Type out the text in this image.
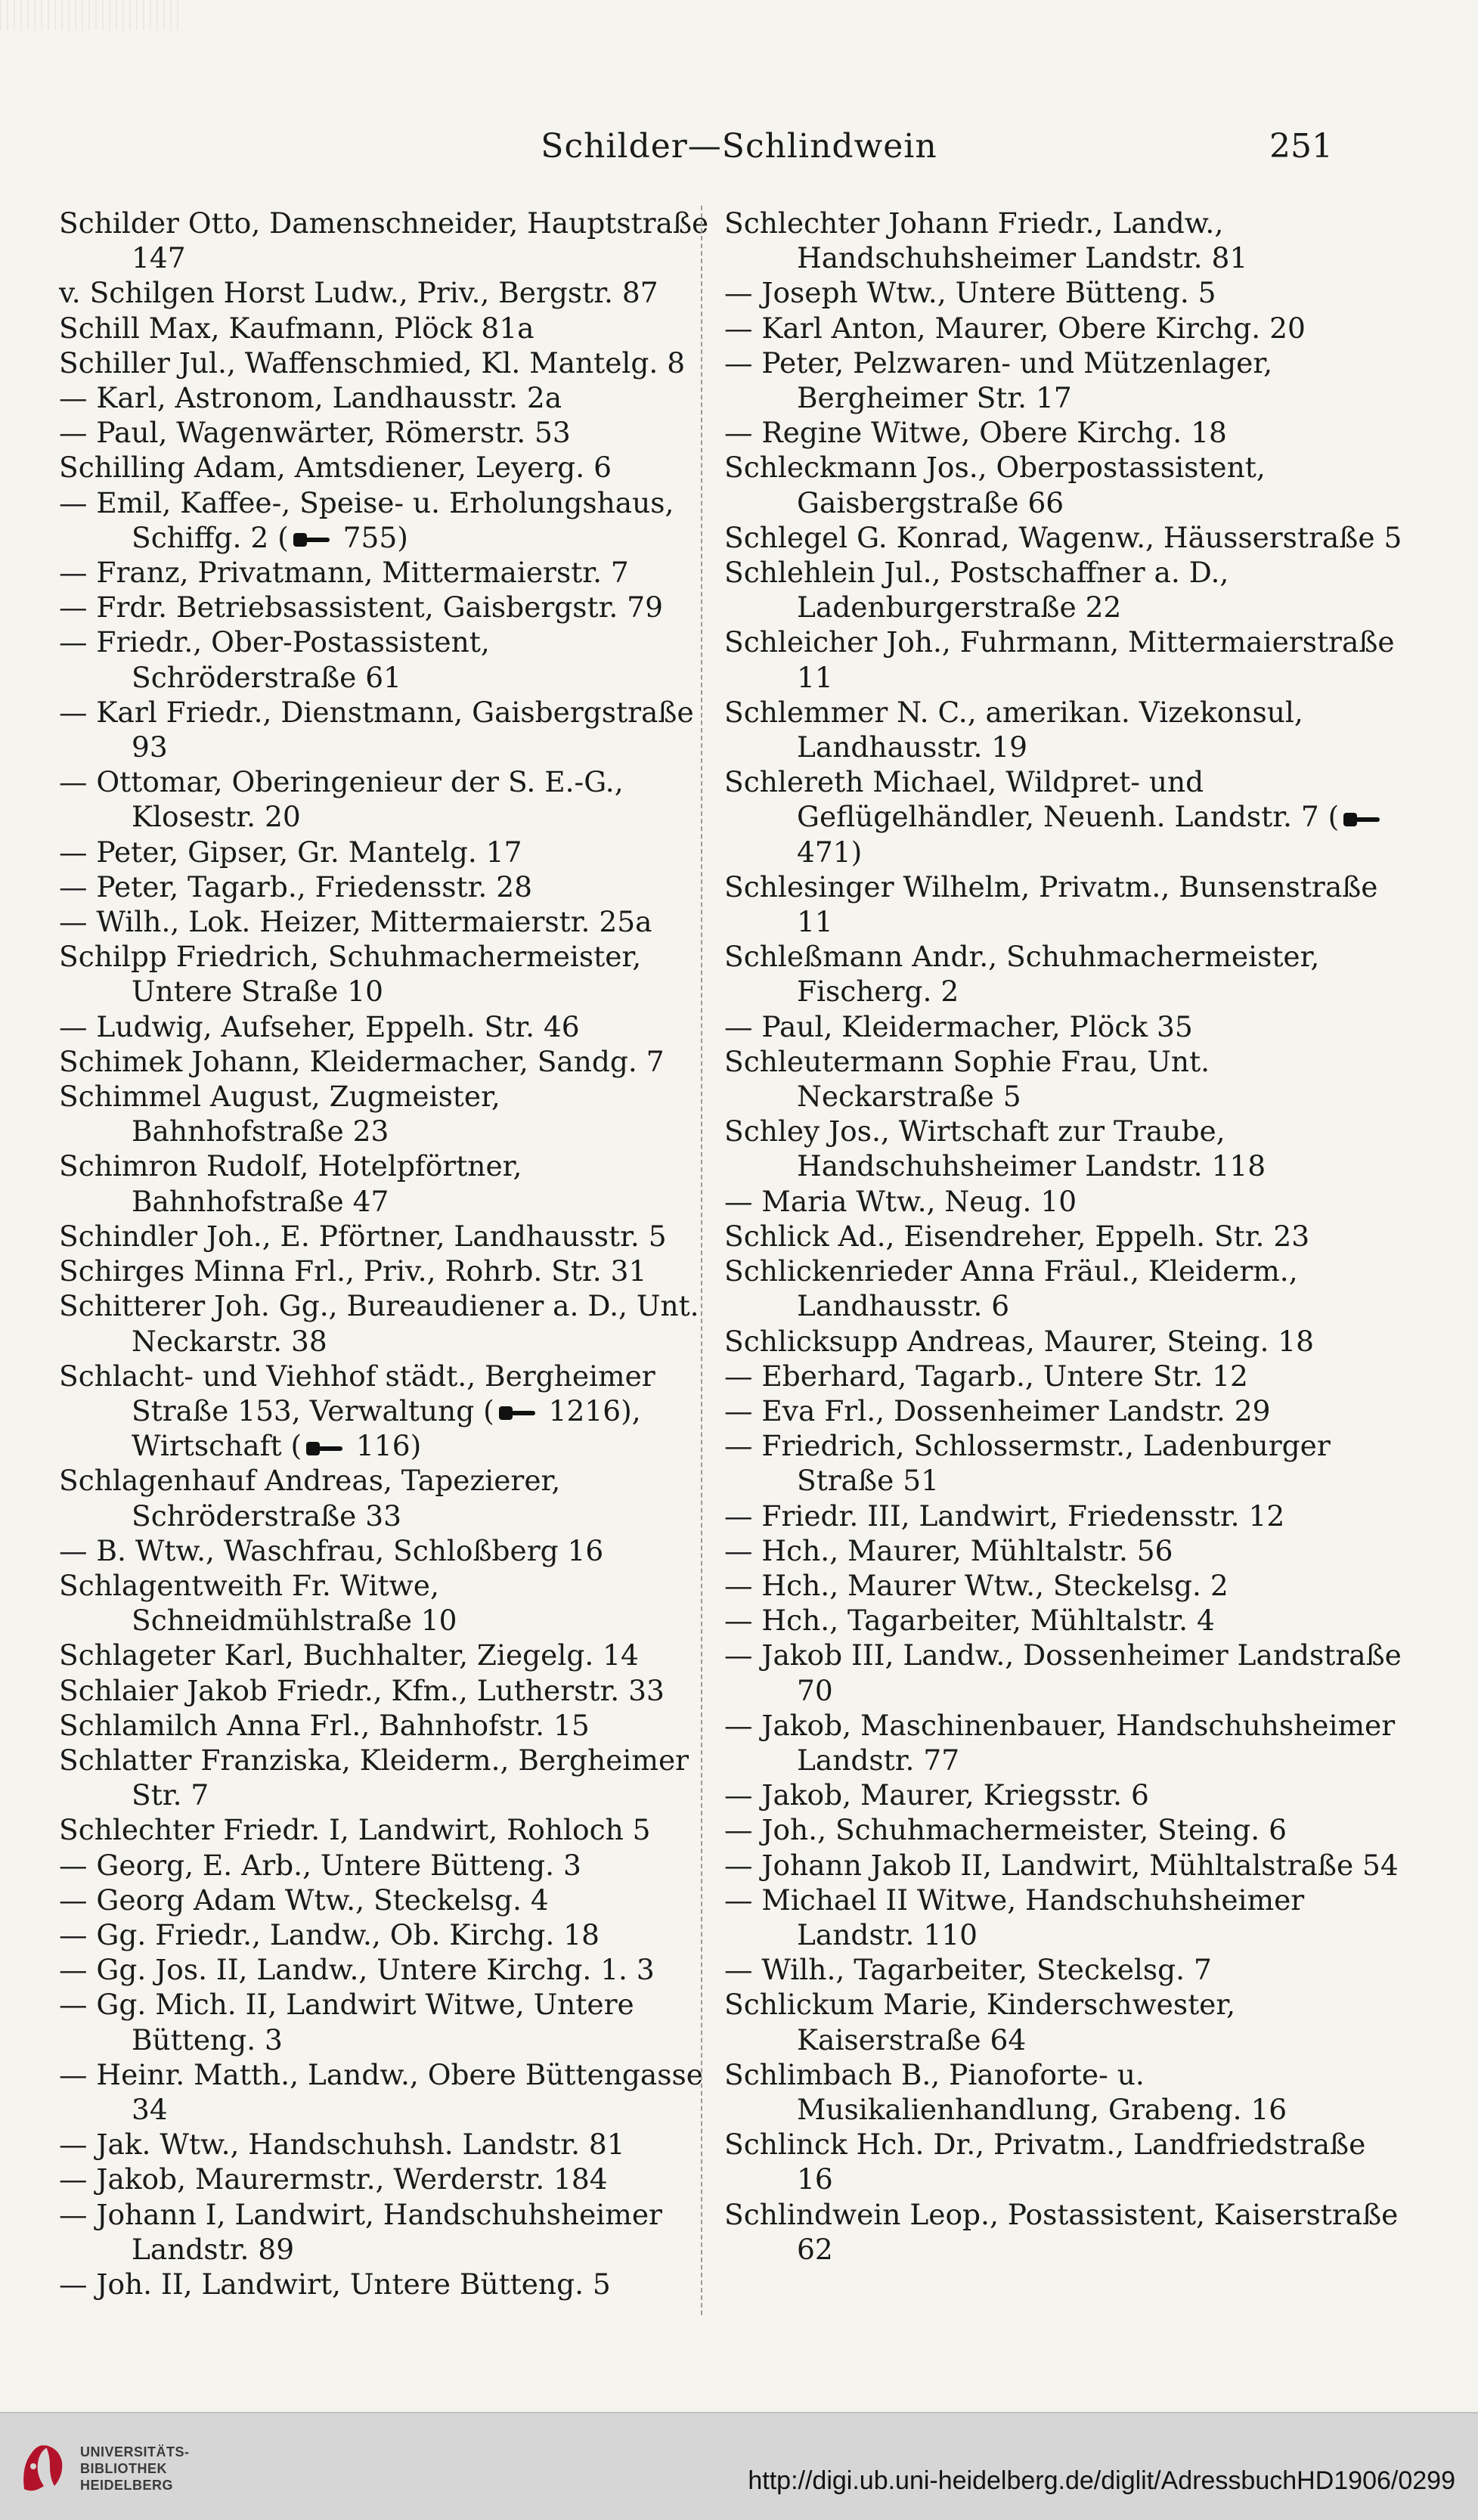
Schilder—Schlindwein	251

Schilder Otto, Damenschneider, Hauptstraße 147

v. Schilgen Horst Ludw., Priv., Bergstr. 87

Schill Max, Kaufmann, Plöck 81a

Schiller Jul., Waffenschmied, Kl. Mantelg. 8

— Karl, Astronom, Landhausstr. 2a

— Paul, Wagenwärter, Römerstr. 53

Schilling Adam, Amtsdiener, Leyerg. 6

— Emil, Kaffee-, Speise- u. Erholungshaus, Schiffg. 2 ( 755)

— Franz, Privatmann, Mittermaierstr. 7

— Frdr. Betriebsassistent, Gaisbergstr. 79

— Friedr., Ober-Postassistent, Schröderstraße 61

— Karl Friedr., Dienstmann, Gaisbergstraße 93

— Ottomar, Oberingenieur der S. E.-G., Klosestr. 20

— Peter, Gipser, Gr. Mantelg. 17

— Peter, Tagarb., Friedensstr. 28

— Wilh., Lok. Heizer, Mittermaierstr. 25a

Schilpp Friedrich, Schuhmachermeister, Untere Straße 10

— Ludwig, Aufseher, Eppelh. Str. 46

Schimek Johann, Kleidermacher, Sandg. 7

Schimmel August, Zugmeister, Bahnhofstraße 23

Schimron Rudolf, Hotelpförtner, Bahnhofstraße 47

Schindler Joh., E. Pförtner, Landhausstr. 5

Schirges Minna Frl., Priv., Rohrb. Str. 31

Schitterer Joh. Gg., Bureaudiener a. D., Unt. Neckarstr. 38

Schlacht- und Viehhof städt., Bergheimer Straße 153, Verwaltung ( 1216), Wirtschaft ( 116)

Schlagenhauf Andreas, Tapezierer, Schröderstraße 33

— B. Wtw., Waschfrau, Schloßberg 16

Schlagentweith Fr. Witwe, Schneidmühlstraße 10

Schlageter Karl, Buchhalter, Ziegelg. 14

Schlaier Jakob Friedr., Kfm., Lutherstr. 33

Schlamilch Anna Frl., Bahnhofstr. 15

Schlatter Franziska, Kleiderm., Bergheimer Str. 7

Schlechter Friedr. I, Landwirt, Rohloch 5

— Georg, E. Arb., Untere Bütteng. 3

— Georg Adam Wtw., Steckelsg. 4

— Gg. Friedr., Landw., Ob. Kirchg. 18

— Gg. Jos. II, Landw., Untere Kirchg. 1. 3

— Gg. Mich. II, Landwirt Witwe, Untere Bütteng. 3

— Heinr. Matth., Landw., Obere Büttengasse 34

— Jak. Wtw., Handschuhsh. Landstr. 81

— Jakob, Maurermstr., Werderstr. 184

— Johann I, Landwirt, Handschuhsheimer Landstr. 89

— Joh. II, Landwirt, Untere Bütteng. 5

Schlechter Johann Friedr., Landw., Handschuhsheimer Landstr. 81

— Joseph Wtw., Untere Bütteng. 5

— Karl Anton, Maurer, Obere Kirchg. 20

— Peter, Pelzwaren- und Mützenlager, Bergheimer Str. 17

— Regine Witwe, Obere Kirchg. 18

Schleckmann Jos., Oberpostassistent, Gaisbergstraße 66

Schlegel G. Konrad, Wagenw., Häusserstraße 5

Schlehlein Jul., Postschaffner a. D., Ladenburgerstraße 22

Schleicher Joh., Fuhrmann, Mittermaierstraße 11

Schlemmer N. C., amerikan. Vizekonsul, Landhausstr. 19

Schlereth Michael, Wildpret- und Geflügelhändler, Neuenh. Landstr. 7 ( 471)

Schlesinger Wilhelm, Privatm., Bunsenstraße 11

Schleßmann Andr., Schuhmachermeister, Fischerg. 2

— Paul, Kleidermacher, Plöck 35

Schleutermann Sophie Frau, Unt. Neckarstraße 5

Schley Jos., Wirtschaft zur Traube, Handschuhsheimer Landstr. 118

— Maria Wtw., Neug. 10

Schlick Ad., Eisendreher, Eppelh. Str. 23

Schlickenrieder Anna Fräul., Kleiderm., Landhausstr. 6

Schlicksupp Andreas, Maurer, Steing. 18

— Eberhard, Tagarb., Untere Str. 12

— Eva Frl., Dossenheimer Landstr. 29

— Friedrich, Schlossermstr., Ladenburger Straße 51

— Friedr. III, Landwirt, Friedensstr. 12

— Hch., Maurer, Mühltalstr. 56

— Hch., Maurer Wtw., Steckelsg. 2

— Hch., Tagarbeiter, Mühltalstr. 4

— Jakob III, Landw., Dossenheimer Landstraße 70

— Jakob, Maschinenbauer, Handschuhsheimer Landstr. 77

— Jakob, Maurer, Kriegsstr. 6

— Joh., Schuhmachermeister, Steing. 6

— Johann Jakob II, Landwirt, Mühltalstraße 54

— Michael II Witwe, Handschuhsheimer Landstr. 110

— Wilh., Tagarbeiter, Steckelsg. 7

Schlickum Marie, Kinderschwester, Kaiserstraße 64

Schlimbach B., Pianoforte- u. Musikalienhandlung, Grabeng. 16

Schlinck Hch. Dr., Privatm., Landfriedstraße 16

Schlindwein Leop., Postassistent, Kaiserstraße 62

UNIVERSITÄTS-
BIBLIOTHEK
HEIDELBERG	http://digi.ub.uni-heidelberg.de/diglit/AdressbuchHD1906/0299
